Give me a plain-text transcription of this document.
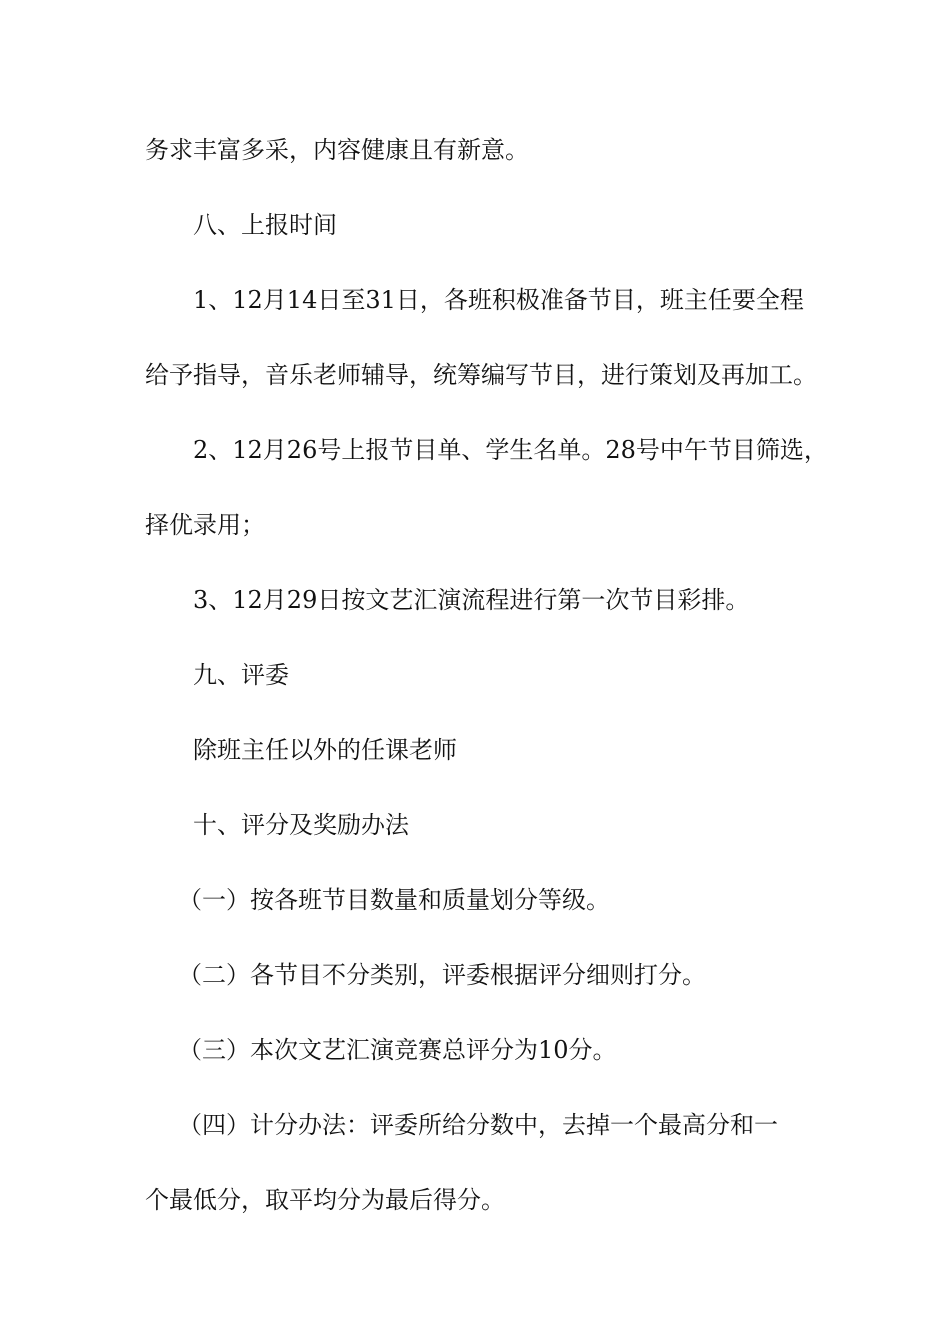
务求丰富多采，内容健康且有新意。

八、上报时间

1、12月14日至31日，各班积极准备节目，班主任要全程

给予指导，音乐老师辅导，统筹编写节目，进行策划及再加工。

2、12月26号上报节目单、学生名单。28号中午节目筛选，

择优录用；

3、12月29日按文艺汇演流程进行第一次节目彩排。

九、评委

除班主任以外的任课老师

十、评分及奖励办法

（一）按各班节目数量和质量划分等级。

（二）各节目不分类别，评委根据评分细则打分。

（三）本次文艺汇演竞赛总评分为10分。

（四）计分办法：评委所给分数中，去掉一个最高分和一

个最低分，取平均分为最后得分。
